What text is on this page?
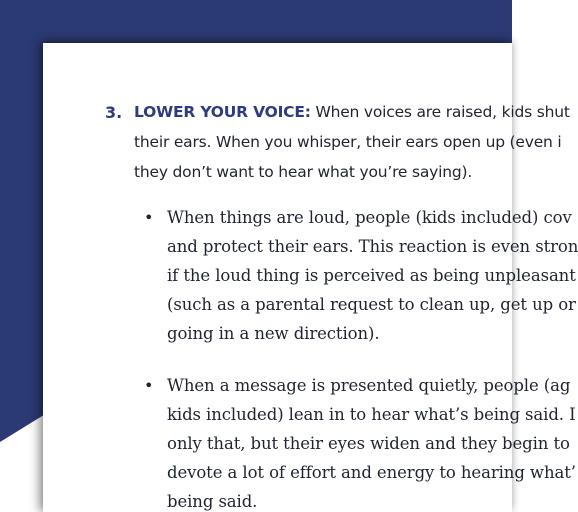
3. LOWER YOUR VOICE: When voices are raised, kids shut
their ears. When you whisper, their ears open up (even i
they don’t want to hear what you’re saying).
• When things are loud, people (kids included) cov
and protect their ears. This reaction is even stron
if the loud thing is perceived as being unpleasant
(such as a parental request to clean up, get up or
going in a new direction).
• When a message is presented quietly, people (ag
kids included) lean in to hear what’s being said. I
only that, but their eyes widen and they begin to
devote a lot of effort and energy to hearing what’
being said.
